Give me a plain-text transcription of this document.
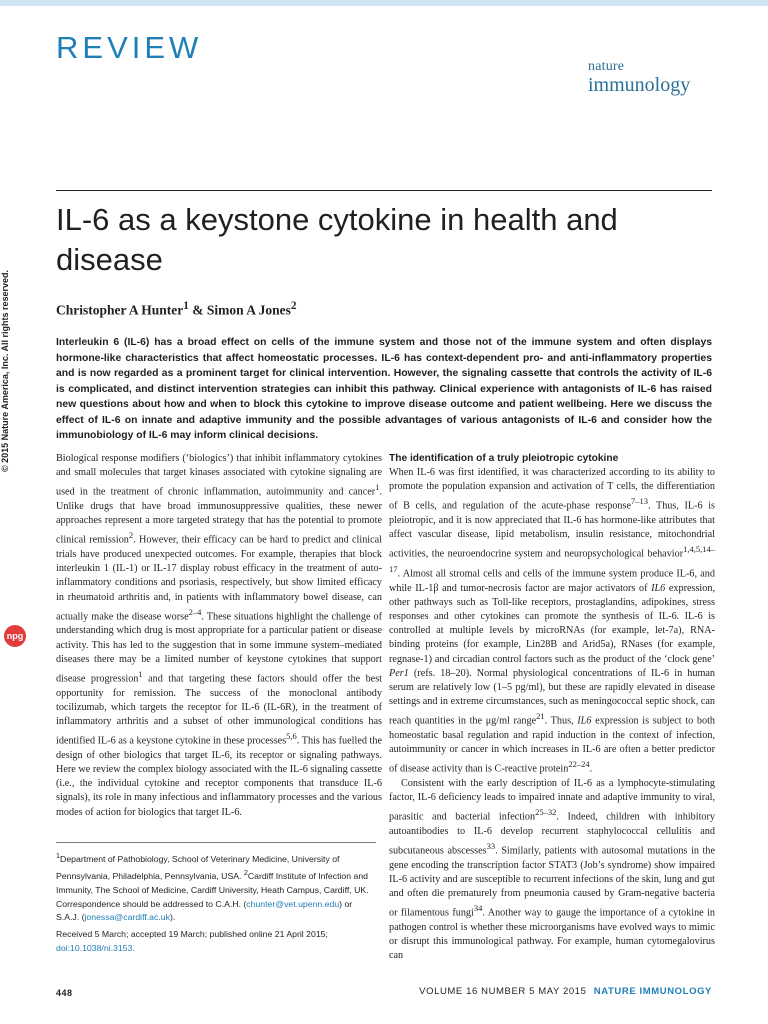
REVIEW
nature
immunology
IL-6 as a keystone cytokine in health and disease
Christopher A Hunter$^1$ & Simon A Jones$^2$

Interleukin 6 (IL-6) has a broad effect on cells of the immune system and those not of the immune system and often displays hormone-like characteristics that affect homeostatic processes. IL-6 has context-dependent pro- and anti-inflammatory properties and is now regarded as a prominent target for clinical intervention. However, the signaling cassette that controls the activity of IL-6 is complicated, and distinct intervention strategies can inhibit this pathway. Clinical experience with antagonists of IL-6 has raised new questions about how and when to block this cytokine to improve disease outcome and patient wellbeing. Here we discuss the effect of IL-6 on innate and adaptive immunity and the possible advantages of various antagonists of IL-6 and consider how the immunobiology of IL-6 may inform clinical decisions.

Biological response modifiers (‘biologics’) that inhibit inflammatory cytokines and small molecules that target kinases associated with cytokine signaling are used in the treatment of chronic inflammation, autoimmunity and cancer$^1$. Unlike drugs that have broad immunosuppressive qualities, these newer approaches represent a more targeted strategy that has the potential to promote clinical remission$^2$. However, their efficacy can be hard to predict and clinical trials have produced unexpected outcomes. For example, therapies that block interleukin 1 (IL-1) or IL-17 display robust efficacy in the treatment of auto-inflammatory conditions and psoriasis, respectively, but show limited efficacy in rheumatoid arthritis and, in patients with inflammatory bowel disease, can actually make the disease worse$^{2-4}$. These situations highlight the challenge of understanding which drug is most appropriate for a particular patient or disease activity. This has led to the suggestion that in some immune system–mediated diseases there may be a limited number of keystone cytokines that support disease progression$^1$ and that targeting these factors should offer the best opportunity for remission. The success of the monoclonal antibody tocilizumab, which targets the receptor for IL-6 (IL-6R), in the treatment of inflammatory arthritis and a subset of other immunological conditions has identified IL-6 as a keystone cytokine in these processes$^{5,6}$. This has fuelled the design of other biologics that target IL-6, its receptor or signaling pathways. Here we review the complex biology associated with the IL-6 signaling cassette (i.e., the individual cytokine and receptor components that transduce IL-6 signals), its role in many infectious and inflammatory processes and the various modes of action for biologics that target IL-6.

The identification of a truly pleiotropic cytokine

When IL-6 was first identified, it was characterized according to its ability to promote the population expansion and activation of T cells, the differentiation of B cells, and regulation of the acute-phase response$^{7-13}$. Thus, IL-6 is pleiotropic, and it is now appreciated that IL-6 has hormone-like attributes that affect vascular disease, lipid metabolism, insulin resistance, mitochondrial activities, the neuroendocrine system and neuropsychological behavior$^{1,4,5,14-17}$. Almost all stromal cells and cells of the immune system produce IL-6, and while IL-1β and tumor-necrosis factor are major activators of IL6 expression, other pathways such as Toll-like receptors, prostaglandins, adipokines, stress responses and other cytokines can promote the synthesis of IL-6. IL-6 is controlled at multiple levels by microRNAs (for example, let-7a), RNA-binding proteins (for example, Lin28B and Arid5a), RNases (for example, regnase-1) and circadian control factors such as the product of the ‘clock gene’ Per1 (refs. 18–20). Normal physiological concentrations of IL-6 in human serum are relatively low (1–5 pg/ml), but these are rapidly elevated in disease settings and in extreme circumstances, such as meningococcal septic shock, can reach quantities in the μg/ml range$^{21}$. Thus, IL6 expression is subject to both homeostatic basal regulation and rapid induction in the context of infection, autoimmunity or cancer in which increases in IL-6 are often a better predictor of disease activity than is C-reactive protein$^{22-24}$.

Consistent with the early description of IL-6 as a lymphocyte-stimulating factor, IL-6 deficiency leads to impaired innate and adaptive immunity to viral, parasitic and bacterial infection$^{25-32}$. Indeed, children with inhibitory autoantibodies to IL-6 develop recurrent staphylococcal cellulitis and subcutaneous abscesses$^{33}$. Similarly, patients with autosomal mutations in the gene encoding the transcription factor STAT3 (Job’s syndrome) show impaired IL-6 activity and are susceptible to recurrent infections of the skin, lung and gut and often die prematurely from pneumonia caused by Gram-negative bacteria or filamentous fungi$^{34}$. Another way to gauge the importance of a cytokine in pathogen control is whether these microorganisms have evolved ways to mimic or disrupt this immunological pathway. For example, human cytomegalovirus can

$^1$Department of Pathobiology, School of Veterinary Medicine, University of Pennsylvania, Philadelphia, Pennsylvania, USA. $^2$Cardiff Institute of Infection and Immunity, The School of Medicine, Cardiff University, Heath Campus, Cardiff, UK. Correspondence should be addressed to C.A.H. (chunter@vet.upenn.edu) or S.A.J. (jonessa@cardiff.ac.uk).

Received 5 March; accepted 19 March; published online 21 April 2015;

doi:10.1038/ni.3153.

© 2015 Nature America, Inc. All rights reserved.
npg
448	VOLUME 16 NUMBER 5 MAY 2015 NATURE IMMUNOLOGY
